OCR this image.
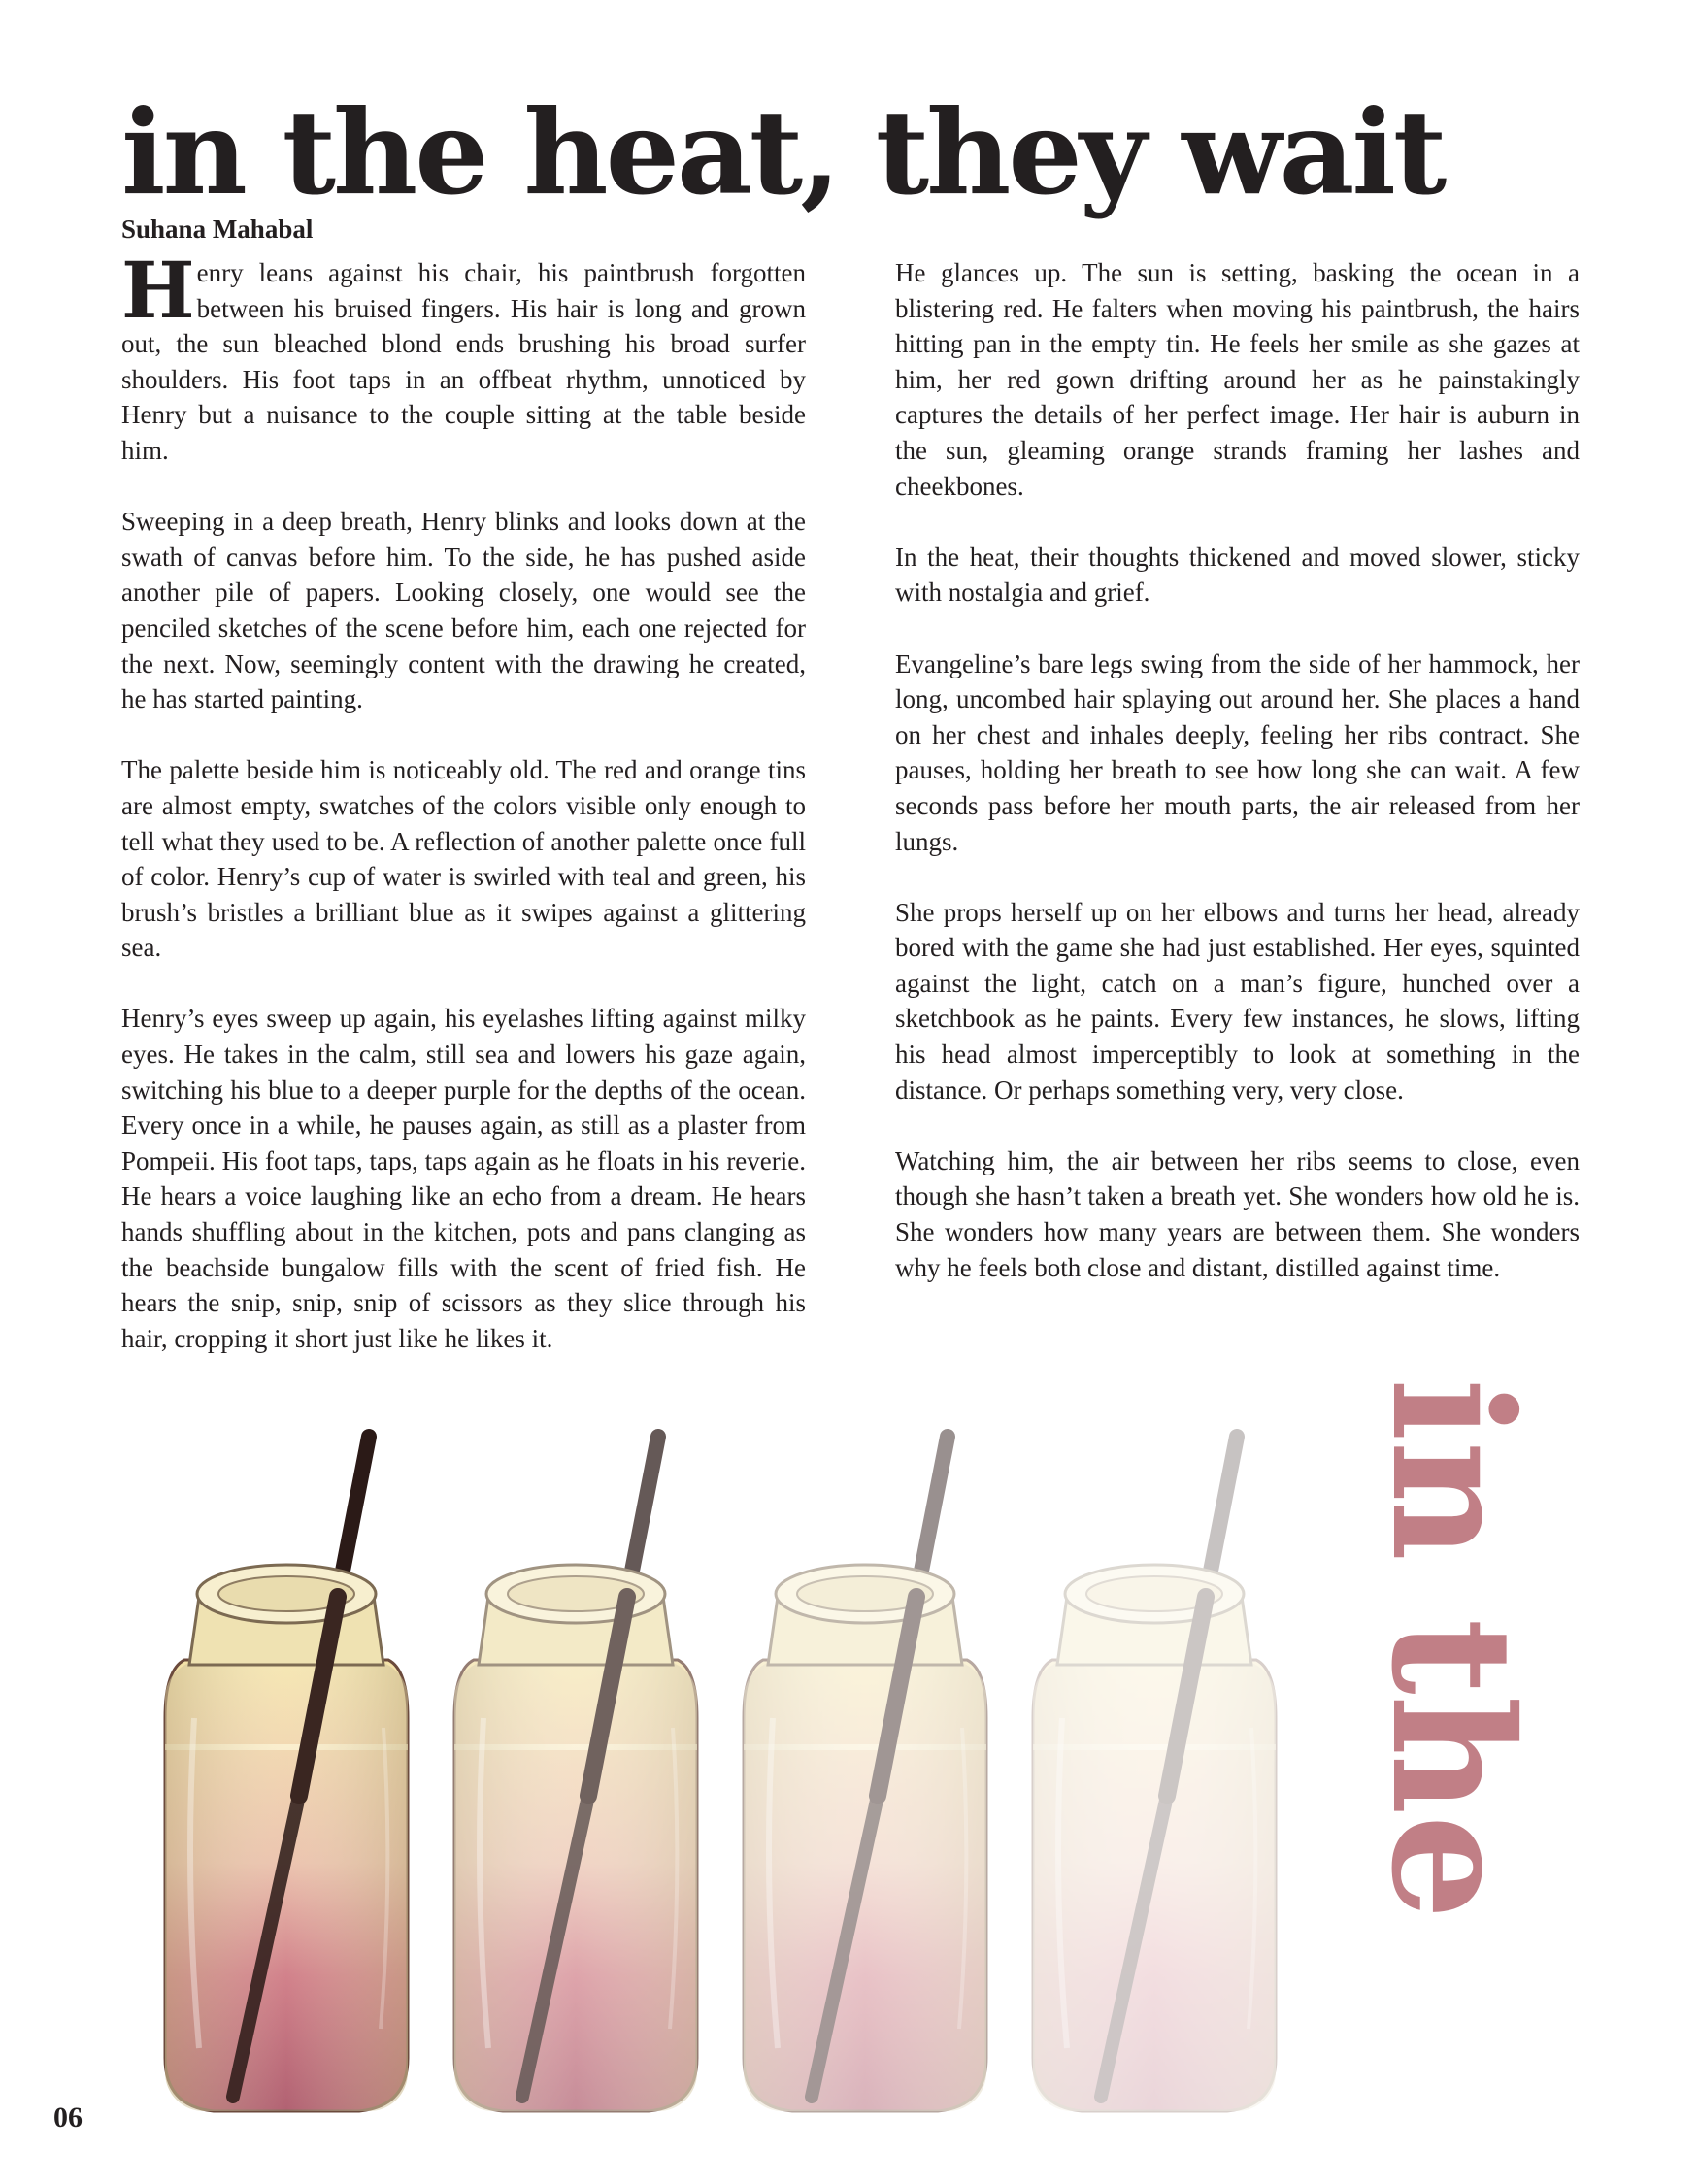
in the heat, they wait
Suhana Mahabal

Henry leans against his chair, his paintbrush forgotten between his bruised fingers. His hair is long and grown out, the sun bleached blond ends brushing his broad surfer shoulders. His foot taps in an offbeat rhythm, unnoticed by Henry but a nuisance to the couple sitting at the table beside him.

Sweeping in a deep breath, Henry blinks and looks down at the swath of canvas before him. To the side, he has pushed aside another pile of papers. Looking closely, one would see the penciled sketches of the scene before him, each one rejected for the next. Now, seemingly content with the drawing he created, he has started painting.

The palette beside him is noticeably old. The red and orange tins are almost empty, swatches of the colors visible only enough to tell what they used to be. A reflection of another palette once full of color. Henry’s cup of water is swirled with teal and green, his brush’s bristles a brilliant blue as it swipes against a glittering sea.

Henry’s eyes sweep up again, his eyelashes lifting against milky eyes. He takes in the calm, still sea and lowers his gaze again, switching his blue to a deeper purple for the depths of the ocean. Every once in a while, he pauses again, as still as a plaster from Pompeii. His foot taps, taps, taps again as he floats in his reverie. He hears a voice laughing like an echo from a dream. He hears hands shuffling about in the kitchen, pots and pans clanging as the beachside bungalow fills with the scent of fried fish. He hears the snip, snip, snip of scissors as they slice through his hair, cropping it short just like he likes it.

He glances up. The sun is setting, basking the ocean in a blistering red. He falters when moving his paintbrush, the hairs hitting pan in the empty tin. He feels her smile as she gazes at him, her red gown drifting around her as he painstakingly captures the details of her perfect image. Her hair is auburn in the sun, gleaming orange strands framing her lashes and cheekbones.

In the heat, their thoughts thickened and moved slower, sticky with nostalgia and grief.

Evangeline’s bare legs swing from the side of her hammock, her long, uncombed hair splaying out around her. She places a hand on her chest and inhales deeply, feeling her ribs contract. She pauses, holding her breath to see how long she can wait. A few seconds pass before her mouth parts, the air released from her lungs.

She props herself up on her elbows and turns her head, already bored with the game she had just established. Her eyes, squinted against the light, catch on a man’s figure, hunched over a sketchbook as he paints. Every few instances, he slows, lifting his head almost imperceptibly to look at something in the distance. Or perhaps something very, very close.

Watching him, the air between her ribs seems to close, even though she hasn’t taken a breath yet. She wonders how old he is. She wonders how many years are between them. She wonders why he feels both close and distant, distilled against time.

in the
06
